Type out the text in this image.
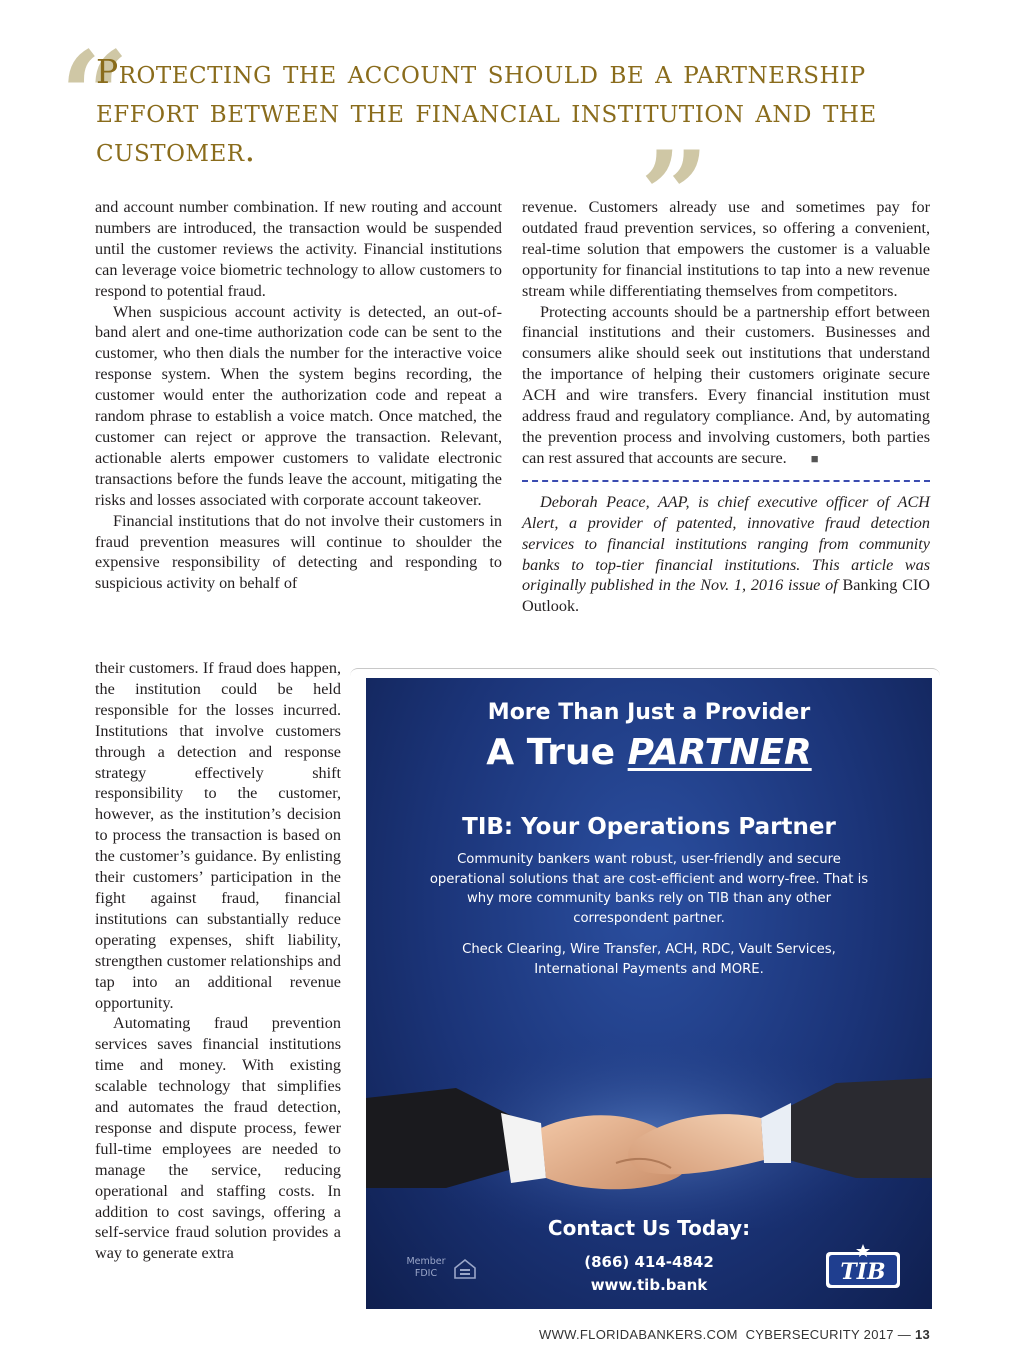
“
Protecting the account should be a partnership effort between the financial institution and the customer.	”

and account number combination. If new routing and account numbers are introduced, the transaction would be suspended until the customer reviews the activity. Financial institutions can leverage voice biometric technology to allow customers to respond to potential fraud.

When suspicious account activity is detected, an out-of-band alert and one-time authorization code can be sent to the customer, who then dials the number for the interactive voice response system. When the system begins recording, the customer would enter the authorization code and repeat a random phrase to establish a voice match. Once matched, the customer can reject or approve the transaction. Relevant, actionable alerts empower customers to validate electronic transactions before the funds leave the account, mitigating the risks and losses associated with corporate account takeover.

Financial institutions that do not involve their customers in fraud prevention measures will continue to shoulder the expensive responsibility of detecting and responding to suspicious activity on behalf of

their customers. If fraud does happen, the institution could be held responsible for the losses incurred. Institutions that involve customers through a detection and response strategy effectively shift responsibility to the customer, however, as the institution’s decision to process the transaction is based on the customer’s guidance. By enlisting their customers’ participation in the fight against fraud, financial institutions can substantially reduce operating expenses, shift liability, strengthen customer relationships and tap into an additional revenue opportunity.

Automating fraud prevention services saves financial institutions time and money. With existing scalable technology that simplifies and automates the fraud detection, response and dispute process, fewer full-time employees are needed to manage the service, reducing operational and staffing costs. In addition to cost savings, offering a self-service fraud solution provides a way to generate extra

revenue. Customers already use and sometimes pay for outdated fraud prevention services, so offering a convenient, real-time solution that empowers the customer is a valuable opportunity for financial institutions to tap into a new revenue stream while differentiating themselves from competitors.

Protecting accounts should be a partnership effort between financial institutions and their customers. Businesses and consumers alike should seek out institutions that understand the importance of helping their customers originate secure ACH and wire transfers. Every financial institution must address fraud and regulatory compliance. And, by automating the prevention process and involving customers, both parties can rest assured that accounts are secure. ■

Deborah Peace, AAP, is chief executive officer of ACH Alert, a provider of patented, innovative fraud detection services to financial institutions ranging from community banks to top-tier financial institutions. This article was originally published in the Nov. 1, 2016 issue of Banking CIO Outlook.

More Than Just a Provider
A True PARTNER
TIB: Your Operations Partner
Community bankers want robust, user-friendly and secure operational solutions that are cost-efficient and worry-free. That is why more community banks rely on TIB than any other correspondent partner.
Check Clearing, Wire Transfer, ACH, RDC, Vault Services, International Payments and MORE.
Contact Us Today:
(866) 414-4842
www.tib.bank
Member FDIC	TIB
WWW.FLORIDABANKERS.COM CYBERSECURITY 2017 — 13
